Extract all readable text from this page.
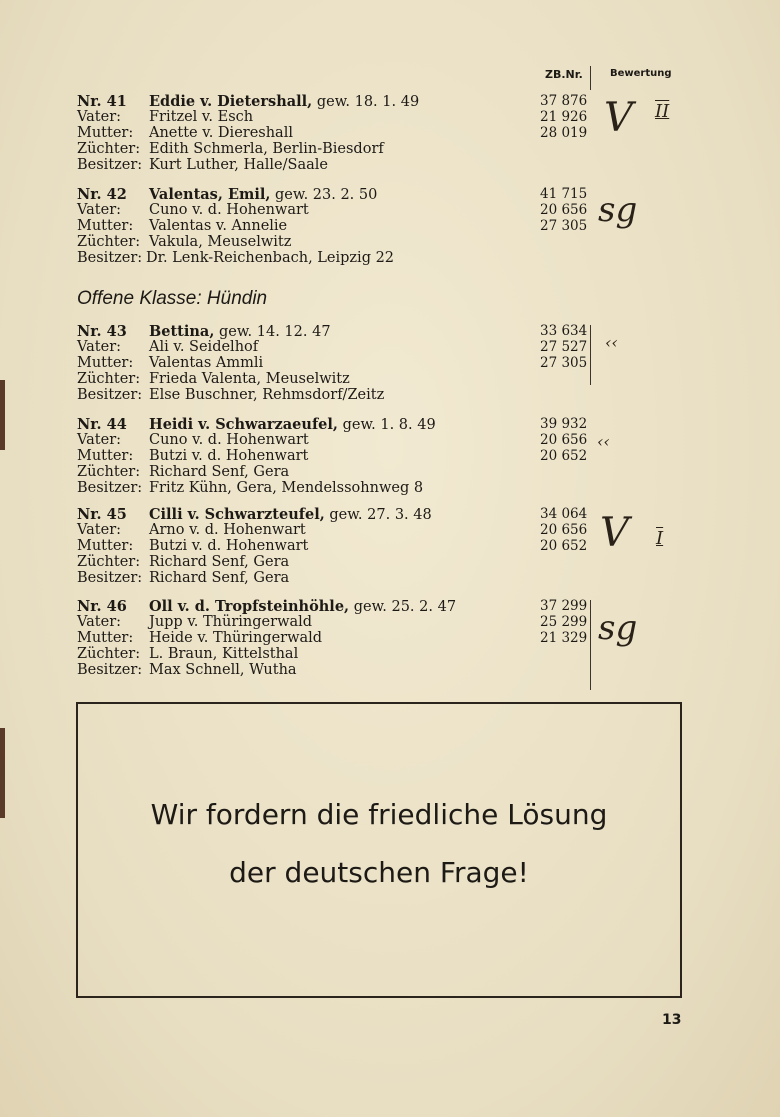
ZB.Nr.	Bewertung
Nr. 41 Eddie v. Dietershall, gew. 18. 1. 49	37 876
Vater: Fritzel v. Esch	21 926
Mutter: Anette v. Diereshall	28 019
Züchter: Edith Schmerla, Berlin-Biesdorf
Besitzer: Kurt Luther, Halle/Saale
V II
Nr. 42 Valentas, Emil, gew. 23. 2. 50	41 715
Vater: Cuno v. d. Hohenwart	20 656
Mutter: Valentas v. Annelie	27 305
Züchter: Vakula, Meuselwitz
Besitzer: Dr. Lenk-Reichenbach, Leipzig 22
sg
Offene Klasse: Hündin
Nr. 43 Bettina, gew. 14. 12. 47	33 634
Vater: Ali v. Seidelhof	27 527
Mutter: Valentas Ammli	27 305
Züchter: Frieda Valenta, Meuselwitz
Besitzer: Else Buschner, Rehmsdorf/Zeitz
‹‹
Nr. 44 Heidi v. Schwarzaeufel, gew. 1. 8. 49	39 932
Vater: Cuno v. d. Hohenwart	20 656
Mutter: Butzi v. d. Hohenwart	20 652
Züchter: Richard Senf, Gera
Besitzer: Fritz Kühn, Gera, Mendelssohnweg 8
‹‹
Nr. 45 Cilli v. Schwarzteufel, gew. 27. 3. 48	34 064
Vater: Arno v. d. Hohenwart	20 656
Mutter: Butzi v. d. Hohenwart	20 652
Züchter: Richard Senf, Gera
Besitzer: Richard Senf, Gera
V I
Nr. 46 Oll v. d. Tropfsteinhöhle, gew. 25. 2. 47	37 299
Vater: Jupp v. Thüringerwald	25 299
Mutter: Heide v. Thüringerwald	21 329
Züchter: L. Braun, Kittelsthal
Besitzer: Max Schnell, Wutha
sg
Wir fordern die friedliche Lösung
der deutschen Frage!
13
